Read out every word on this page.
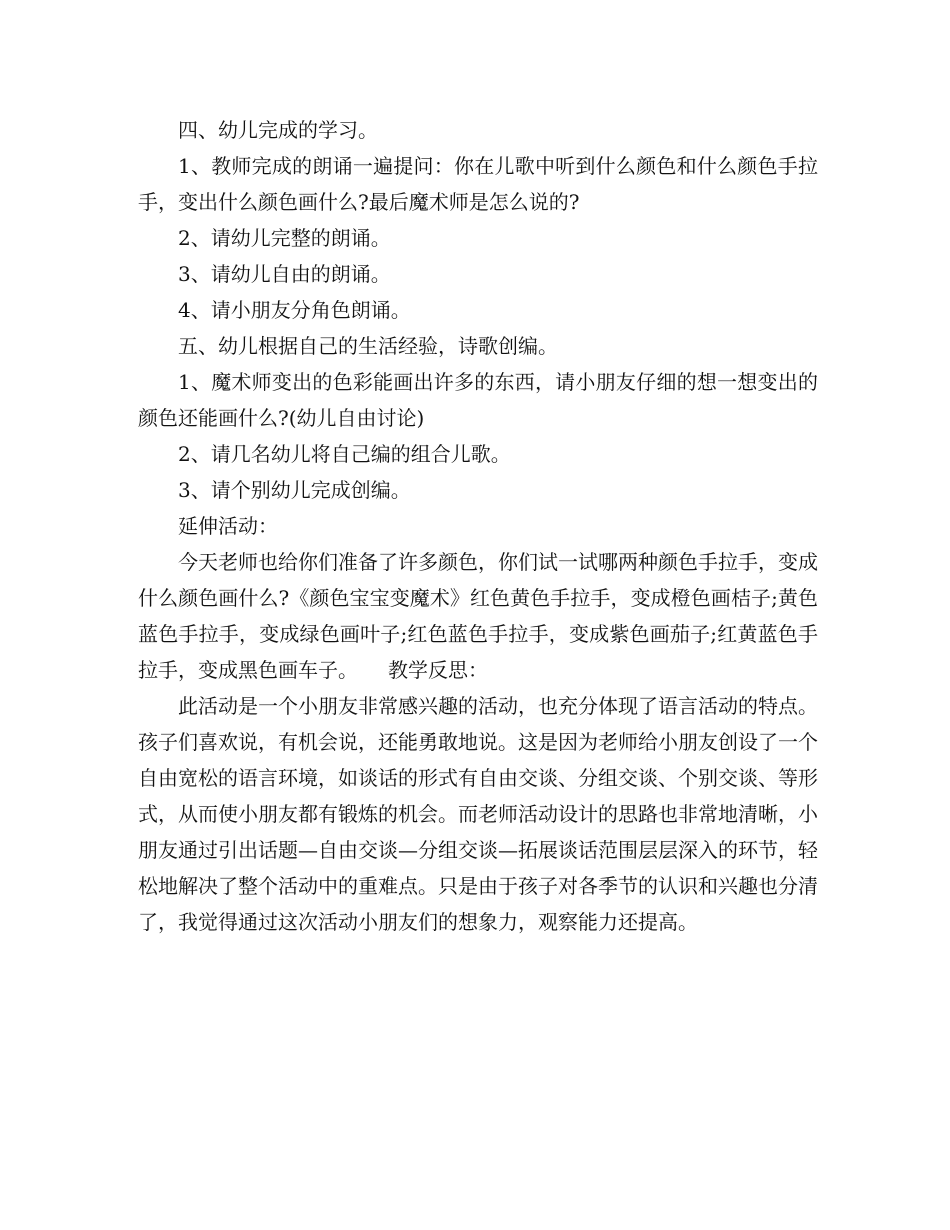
四、幼儿完成的学习。

1、教师完成的朗诵一遍提问：你在儿歌中听到什么颜色和什么颜色手拉手，变出什么颜色画什么?最后魔术师是怎么说的?

2、请幼儿完整的朗诵。

3、请幼儿自由的朗诵。

4、请小朋友分角色朗诵。

五、幼儿根据自己的生活经验，诗歌创编。

1、魔术师变出的色彩能画出许多的东西，请小朋友仔细的想一想变出的颜色还能画什么?(幼儿自由讨论)

2、请几名幼儿将自己编的组合儿歌。

3、请个别幼儿完成创编。

延伸活动：

今天老师也给你们准备了许多颜色，你们试一试哪两种颜色手拉手，变成什么颜色画什么?《颜色宝宝变魔术》红色黄色手拉手，变成橙色画桔子;黄色蓝色手拉手，变成绿色画叶子;红色蓝色手拉手，变成紫色画茄子;红黄蓝色手拉手，变成黑色画车子。　　教学反思：

此活动是一个小朋友非常感兴趣的活动，也充分体现了语言活动的特点。孩子们喜欢说，有机会说，还能勇敢地说。这是因为老师给小朋友创设了一个自由宽松的语言环境，如谈话的形式有自由交谈、分组交谈、个别交谈、等形式，从而使小朋友都有锻炼的机会。而老师活动设计的思路也非常地清晰，小朋友通过引出话题—自由交谈—分组交谈—拓展谈话范围层层深入的环节，轻松地解决了整个活动中的重难点。只是由于孩子对各季节的认识和兴趣也分清了，我觉得通过这次活动小朋友们的想象力，观察能力还提高。
